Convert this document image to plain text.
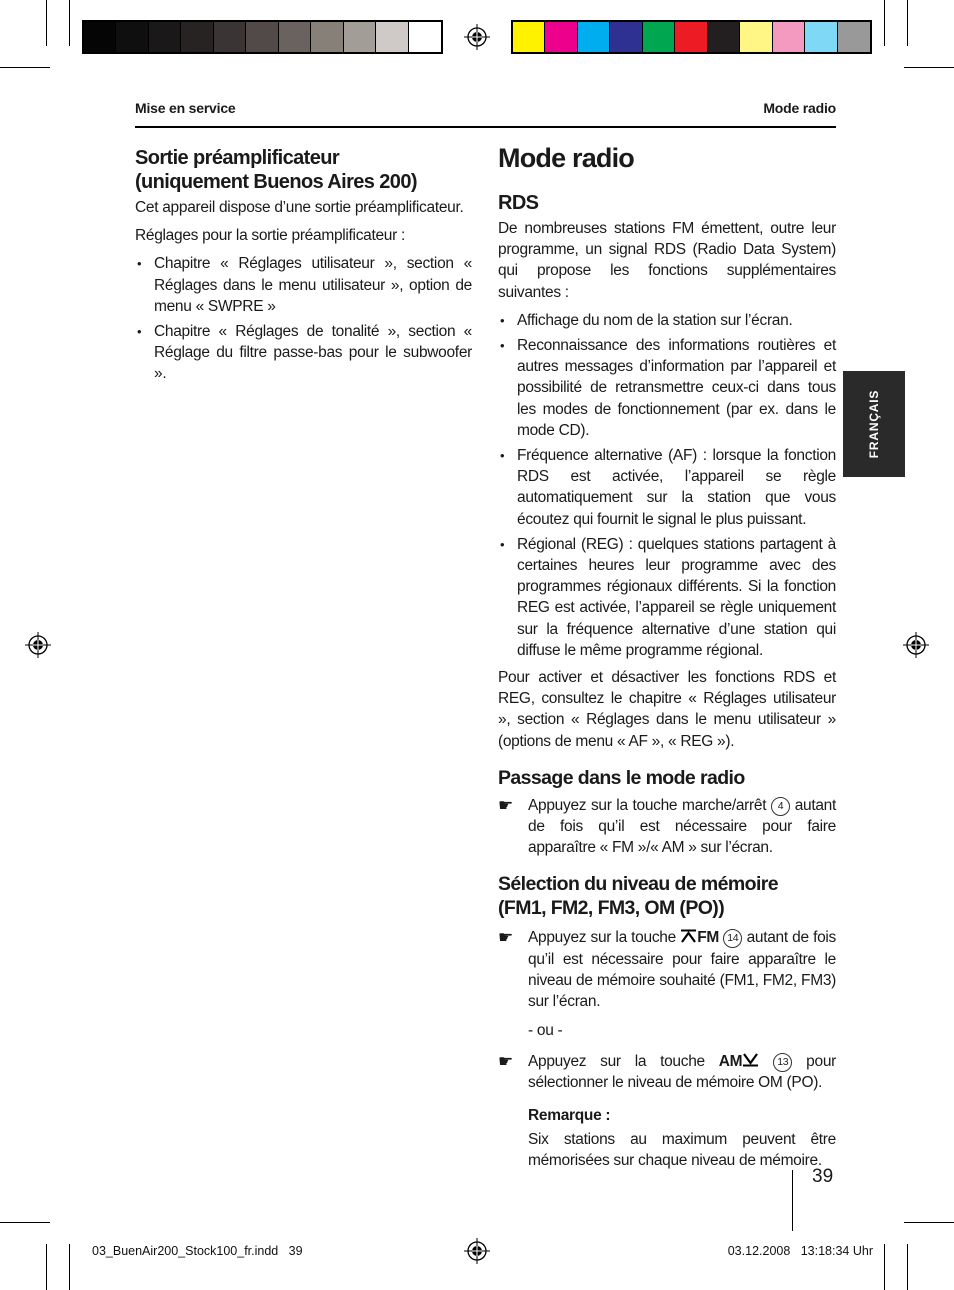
Mise en service	Mode radio
FRANÇAIS
Sortie préamplificateur
(uniquement Buenos Aires 200)

Cet appareil dispose d’une sortie préamplificateur.

Réglages pour la sortie préamplificateur :

• Chapitre « Réglages utilisateur », section « Réglages dans le menu utilisateur », option de menu « SWPRE »
• Chapitre « Réglages de tonalité », section « Réglage du filtre passe-bas pour le subwoofer ».
Mode radio
RDS

De nombreuses stations FM émettent, outre leur programme, un signal RDS (Radio Data System) qui propose les fonctions supplémentaires suivantes :

• Affichage du nom de la station sur l’écran.
• Reconnaissance des informations routières et autres messages d’information par l’appareil et possibilité de retransmettre ceux-ci dans tous les modes de fonctionnement (par ex. dans le mode CD).
• Fréquence alternative (AF) : lorsque la fonction RDS est activée, l’appareil se règle automatiquement sur la station que vous écoutez qui fournit le signal le plus puissant.
• Régional (REG) : quelques stations partagent à certaines heures leur programme avec des programmes régionaux différents. Si la fonction REG est activée, l’appareil se règle uniquement sur la fréquence alternative d’une station qui diffuse le même programme régional.

Pour activer et désactiver les fonctions RDS et REG, consultez le chapitre « Réglages utilisateur », section « Réglages dans le menu utilisateur » (options de menu « AF », « REG »).

Passage dans le mode radio
☛ Appuyez sur la touche marche/arrêt 4 autant de fois qu’il est nécessaire pour faire apparaître « FM »/« AM » sur l’écran.
Sélection du niveau de mémoire
(FM1, FM2, FM3, OM (PO))
☛ Appuyez sur la touche FM 14 autant de fois qu’il est nécessaire pour faire apparaître le niveau de mémoire souhaité (FM1, FM2, FM3) sur l’écran.
- ou -
☛ Appuyez sur la touche AM	13 pour sélectionner le niveau de mémoire OM (PO).
Remarque :
Six stations au maximum peuvent être mémorisées sur chaque niveau de mémoire.
39
03_BuenAir200_Stock100_fr.indd   39	03.12.2008   13:18:34 Uhr
